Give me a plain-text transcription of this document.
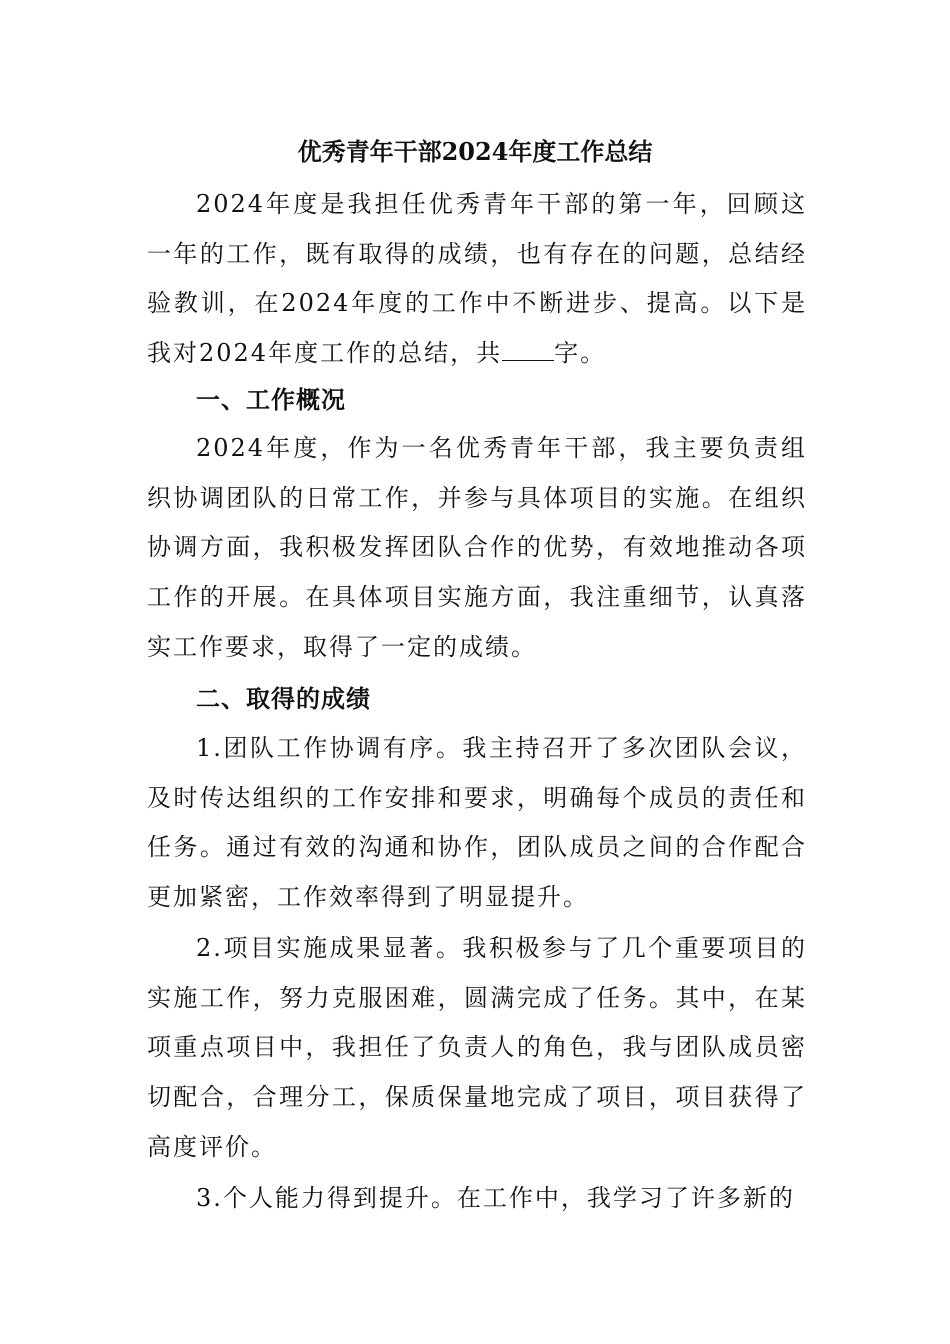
优秀青年干部2024年度工作总结
2024年度是我担任优秀青年干部的第一年，回顾这一年的工作，既有取得的成绩，也有存在的问题，总结经验教训，在2024年度的工作中不断进步、提高。以下是我对2024年度工作的总结，共 字。
一、工作概况
2024年度，作为一名优秀青年干部，我主要负责组织协调团队的日常工作，并参与具体项目的实施。在组织协调方面，我积极发挥团队合作的优势，有效地推动各项工作的开展。在具体项目实施方面，我注重细节，认真落实工作要求，取得了一定的成绩。
二、取得的成绩
1.团队工作协调有序。我主持召开了多次团队会议，及时传达组织的工作安排和要求，明确每个成员的责任和任务。通过有效的沟通和协作，团队成员之间的合作配合更加紧密，工作效率得到了明显提升。
2.项目实施成果显著。我积极参与了几个重要项目的实施工作，努力克服困难，圆满完成了任务。其中，在某项重点项目中，我担任了负责人的角色，我与团队成员密切配合，合理分工，保质保量地完成了项目，项目获得了高度评价。
3.个人能力得到提升。在工作中，我学习了许多新的
